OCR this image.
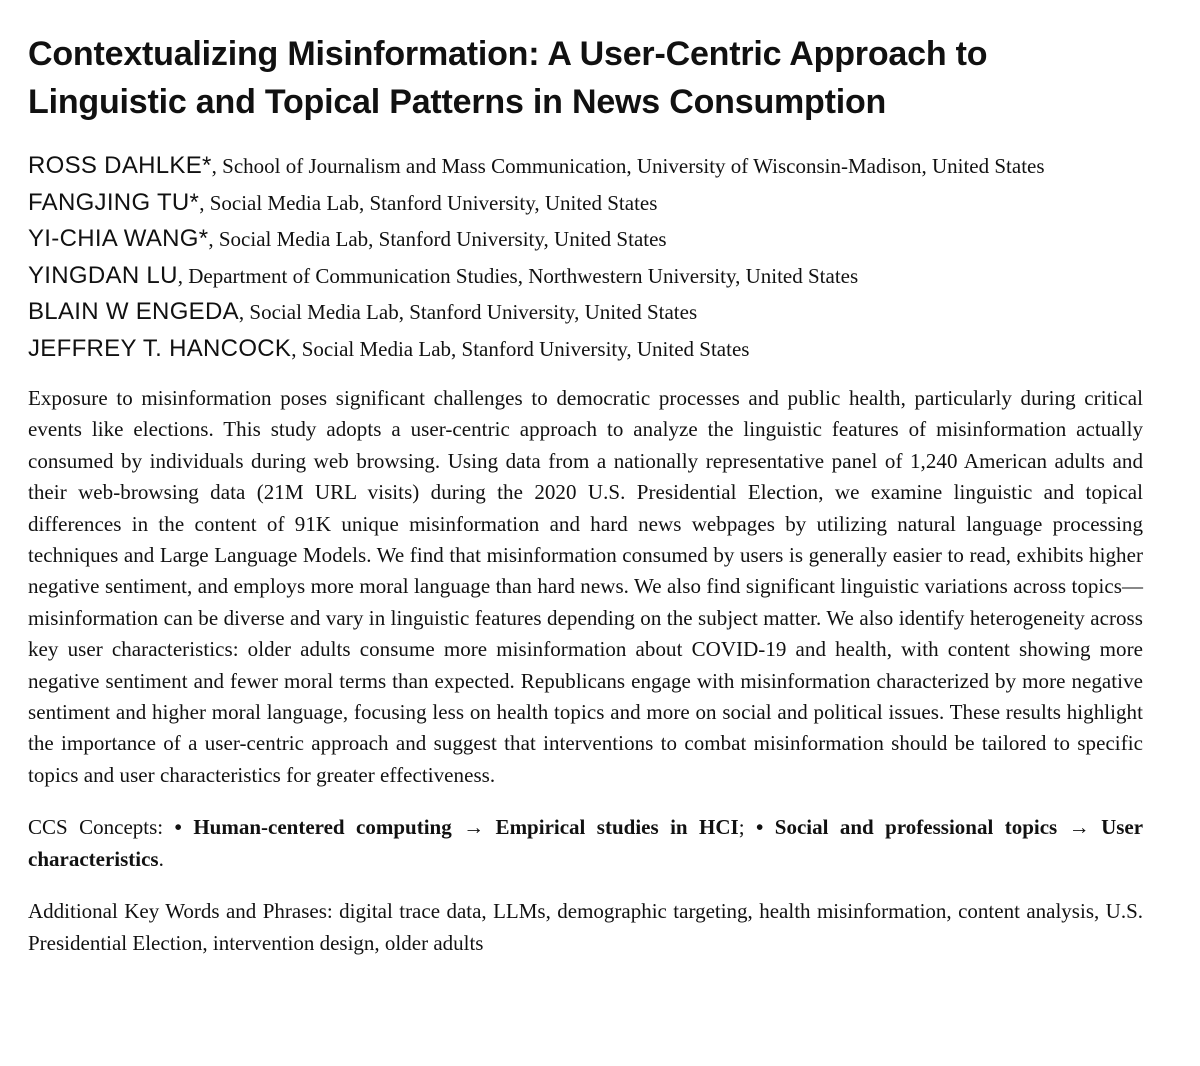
Contextualizing Misinformation: A User-Centric Approach to Linguistic and Topical Patterns in News Consumption
ROSS DAHLKE*, School of Journalism and Mass Communication, University of Wisconsin-Madison, United States
FANGJING TU*, Social Media Lab, Stanford University, United States
YI-CHIA WANG*, Social Media Lab, Stanford University, United States
YINGDAN LU, Department of Communication Studies, Northwestern University, United States
BLAIN W ENGEDA, Social Media Lab, Stanford University, United States
JEFFREY T. HANCOCK, Social Media Lab, Stanford University, United States

Exposure to misinformation poses significant challenges to democratic processes and public health, particularly during critical events like elections. This study adopts a user-centric approach to analyze the linguistic features of misinformation actually consumed by individuals during web browsing. Using data from a nationally representative panel of 1,240 American adults and their web-browsing data (21M URL visits) during the 2020 U.S. Presidential Election, we examine linguistic and topical differences in the content of 91K unique misinformation and hard news webpages by utilizing natural language processing techniques and Large Language Models. We find that misinformation consumed by users is generally easier to read, exhibits higher negative sentiment, and employs more moral language than hard news. We also find significant linguistic variations across topics—misinformation can be diverse and vary in linguistic features depending on the subject matter. We also identify heterogeneity across key user characteristics: older adults consume more misinformation about COVID-19 and health, with content showing more negative sentiment and fewer moral terms than expected. Republicans engage with misinformation characterized by more negative sentiment and higher moral language, focusing less on health topics and more on social and political issues. These results highlight the importance of a user-centric approach and suggest that interventions to combat misinformation should be tailored to specific topics and user characteristics for greater effectiveness.

CCS Concepts: • Human-centered computing → Empirical studies in HCI; • Social and professional topics → User characteristics.

Additional Key Words and Phrases: digital trace data, LLMs, demographic targeting, health misinformation, content analysis, U.S. Presidential Election, intervention design, older adults
